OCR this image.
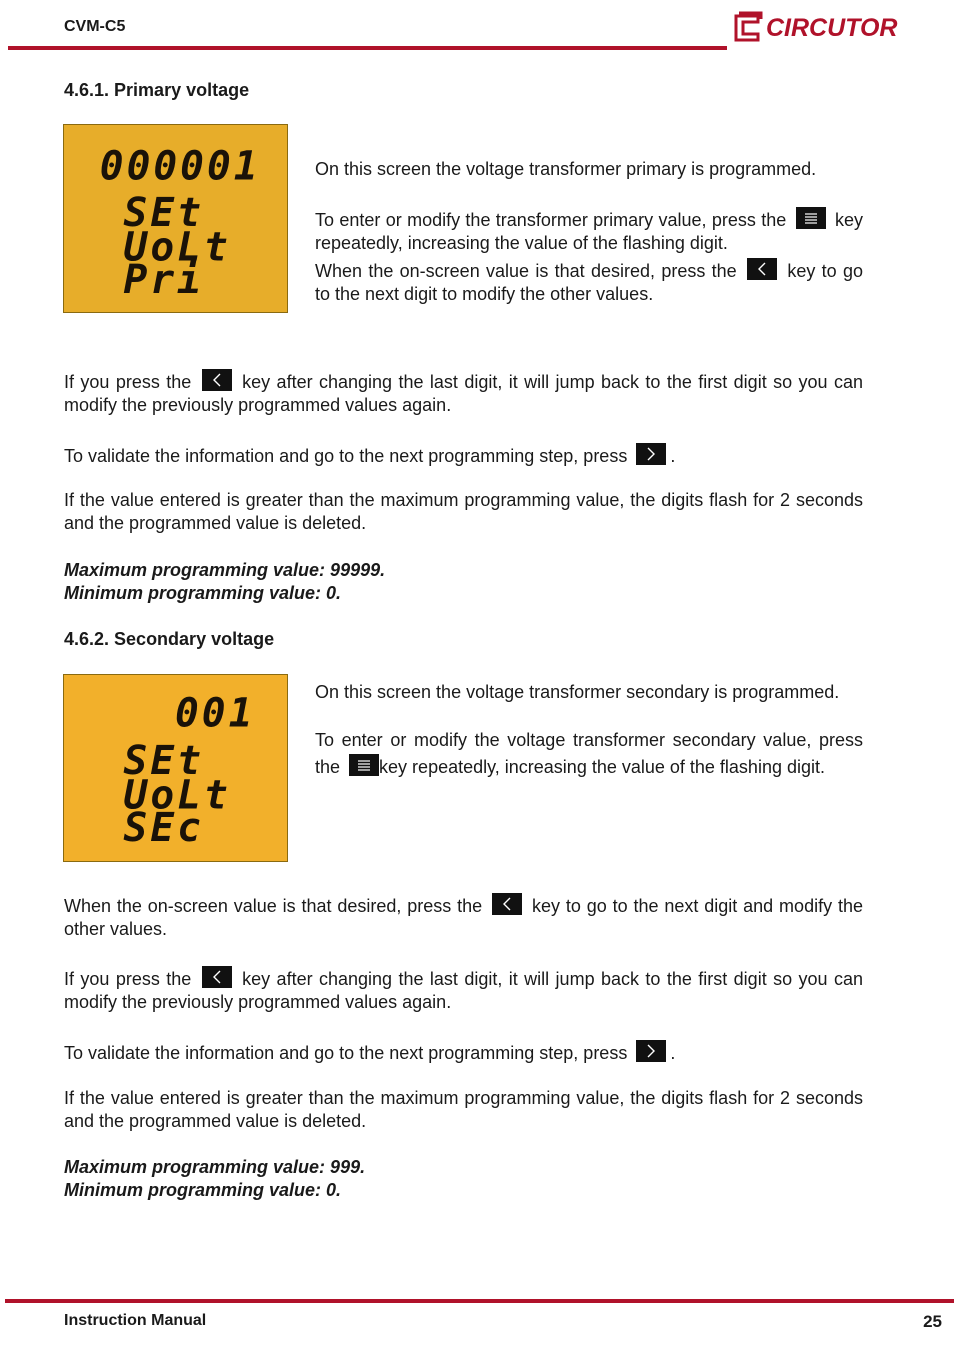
CVM-C5	CIRCUTOR
4.6.1. Primary voltage
000001
SEt
UoLt
Pri
On this screen the voltage transformer primary is programmed.
To enter or modify the transformer primary value, press the	key repeatedly, increasing the value of the flashing digit.
When the on-screen value is that desired, press the	key to go to the next digit to modify the other values.
If you press the	key after changing the last digit, it will jump back to the first digit so you can modify the previously programmed values again.
To validate the information and go to the next programming step, press .
If the value entered is greater than the maximum programming value, the digits flash for 2 seconds and the programmed value is deleted.
Maximum programming value: 99999.
Minimum programming value: 0.
4.6.2. Secondary voltage
001
SEt
UoLt
SEc
On this screen the voltage transformer secondary is programmed.
To enter or modify the voltage transformer secondary value, press the key repeatedly, increasing the value of the flashing digit.
When the on-screen value is that desired, press the	key to go to the next digit and modify the other values.
If you press the	key after changing the last digit, it will jump back to the first digit so you can modify the previously programmed values again.
To validate the information and go to the next programming step, press .
If the value entered is greater than the maximum programming value, the digits flash for 2 seconds and the programmed value is deleted.
Maximum programming value: 999.
Minimum programming value: 0.
Instruction Manual	25
